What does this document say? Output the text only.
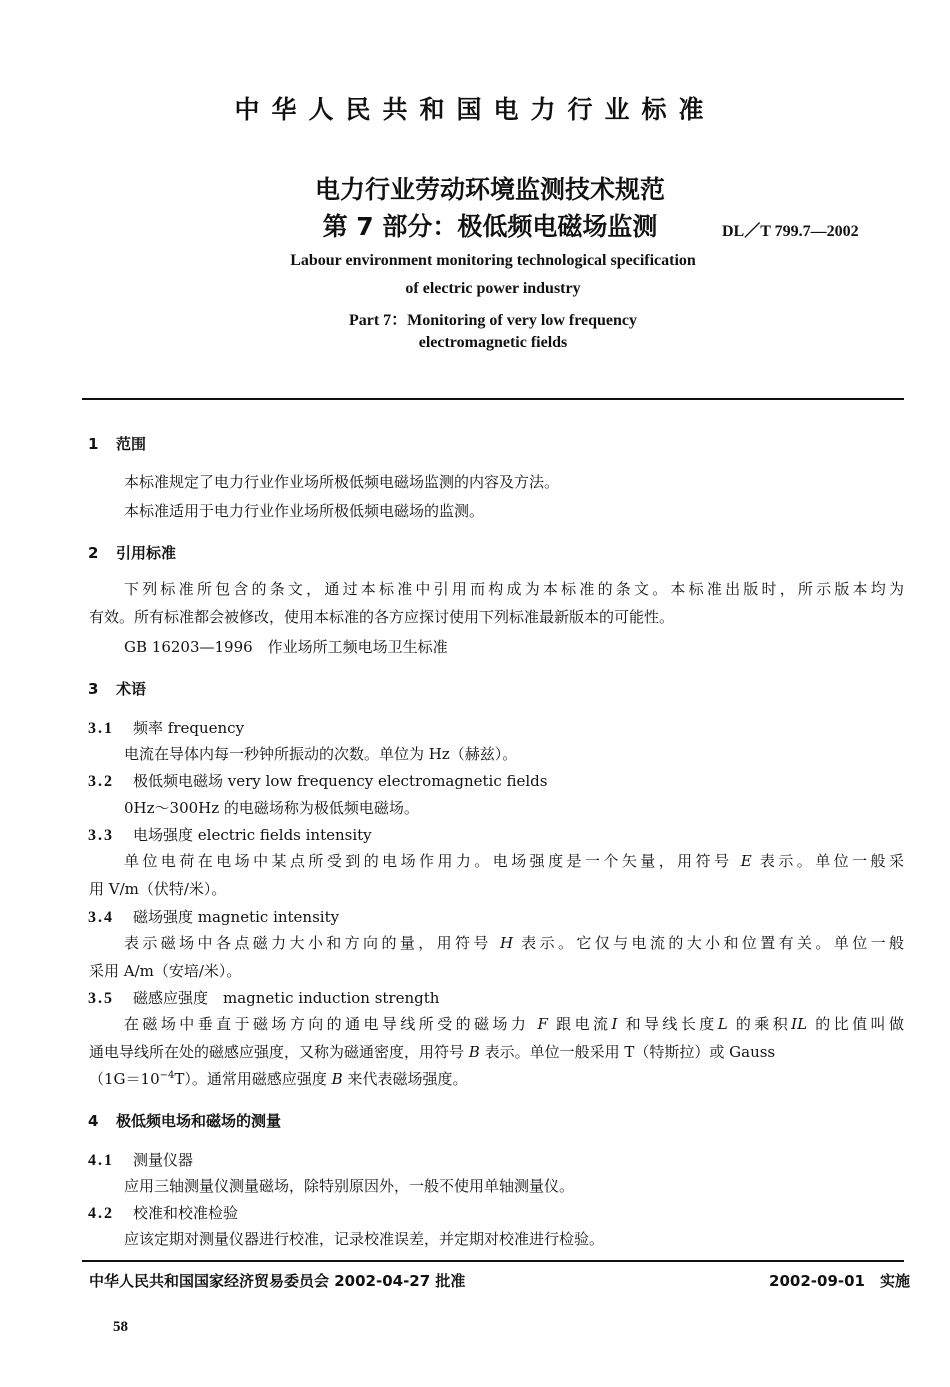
中华人民共和国电力行业标准
电力行业劳动环境监测技术规范
第 7 部分：极低频电磁场监测	DL／T 799.7—2002
Labour environment monitoring technological specification
of electric power industry
Part 7：Monitoring of very low frequency
electromagnetic fields
1 范围
本标准规定了电力行业作业场所极低频电磁场监测的内容及方法。
本标准适用于电力行业作业场所极低频电磁场的监测。
2 引用标准
下列标准所包含的条文，通过本标准中引用而构成为本标准的条文。本标准出版时，所示版本均为
有效。所有标准都会被修改，使用本标准的各方应探讨使用下列标准最新版本的可能性。
GB 16203—1996　作业场所工频电场卫生标准
3 术语
3.1 频率 frequency
电流在导体内每一秒钟所振动的次数。单位为 Hz（赫兹）。
3.2 极低频电磁场 very low frequency electromagnetic fields
0Hz～300Hz 的电磁场称为极低频电磁场。
3.3 电场强度 electric fields intensity
单位电荷在电场中某点所受到的电场作用力。电场强度是一个矢量，用符号 E 表示。单位一般采
用 V/m（伏特/米）。
3.4 磁场强度 magnetic intensity
表示磁场中各点磁力大小和方向的量，用符号 H 表示。它仅与电流的大小和位置有关。单位一般
采用 A/m（安培/米）。
3.5 磁感应强度　magnetic induction strength
在磁场中垂直于磁场方向的通电导线所受的磁场力 F 跟电流I 和导线长度L 的乘积IL 的比值叫做
通电导线所在处的磁感应强度，又称为磁通密度，用符号 B 表示。单位一般采用 T（特斯拉）或 Gauss
$(1G=10^{-4}T)$。通常用磁感应强度 B 来代表磁场强度。
4 极低频电场和磁场的测量
4.1 测量仪器
应用三轴测量仪测量磁场，除特别原因外，一般不使用单轴测量仪。
4.2 校准和校准检验
应该定期对测量仪器进行校准，记录校准误差，并定期对校准进行检验。
中华人民共和国国家经济贸易委员会 2002-04-27 批准	2002-09-01　实施
58
